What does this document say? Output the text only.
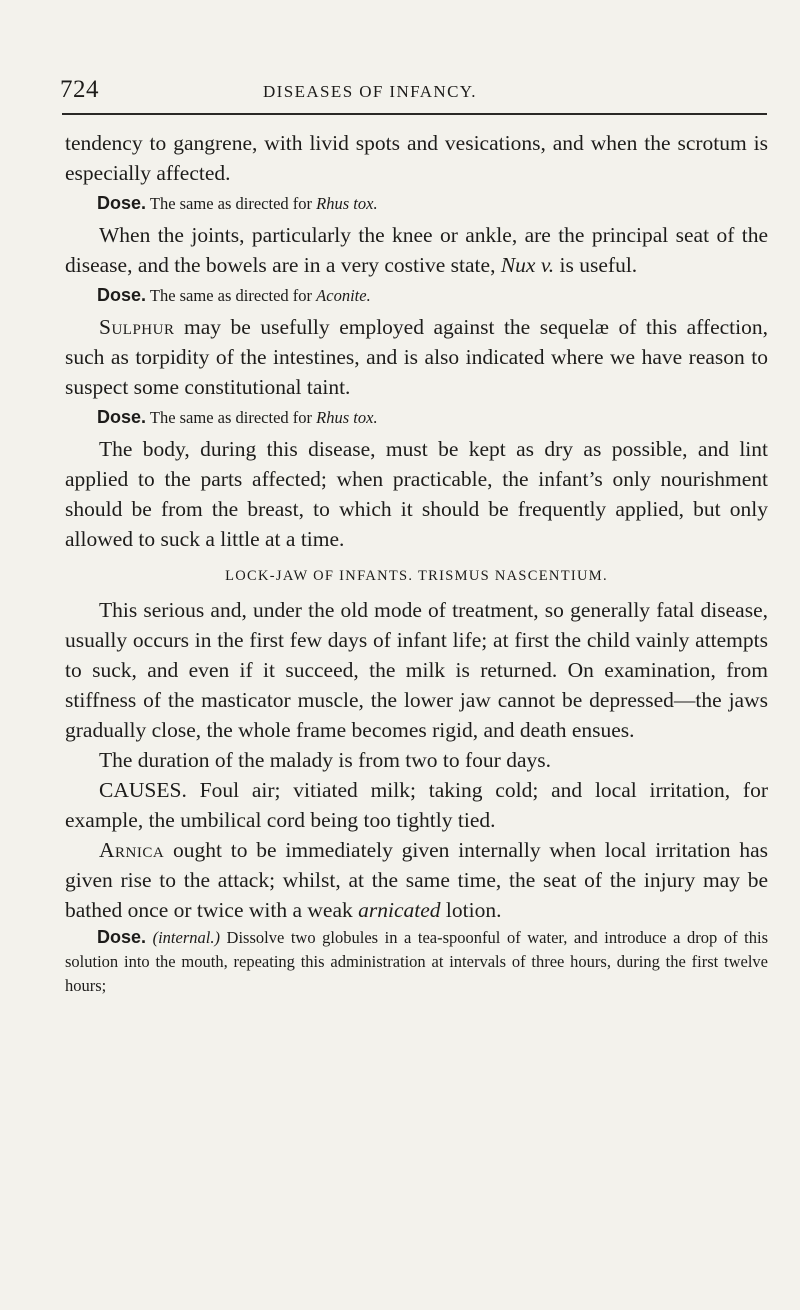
724	DISEASES OF INFANCY.

tendency to gangrene, with livid spots and vesications, and when the scrotum is especially affected.

Dose. The same as directed for Rhus tox.

When the joints, particularly the knee or ankle, are the principal seat of the disease, and the bowels are in a very costive state, Nux v. is useful.

Dose. The same as directed for Aconite.

Sulphur may be usefully employed against the sequelæ of this affection, such as torpidity of the intestines, and is also indicated where we have reason to suspect some constitutional taint.

Dose. The same as directed for Rhus tox.

The body, during this disease, must be kept as dry as possible, and lint applied to the parts affected; when practicable, the infant’s only nourishment should be from the breast, to which it should be frequently applied, but only allowed to suck a little at a time.

LOCK-JAW OF INFANTS. TRISMUS NASCENTIUM.

This serious and, under the old mode of treatment, so generally fatal disease, usually occurs in the first few days of infant life; at first the child vainly attempts to suck, and even if it succeed, the milk is returned. On examination, from stiffness of the masticator muscle, the lower jaw cannot be depressed—the jaws gradually close, the whole frame becomes rigid, and death ensues.

The duration of the malady is from two to four days.

CAUSES. Foul air; vitiated milk; taking cold; and local irritation, for example, the umbilical cord being too tightly tied.

Arnica ought to be immediately given internally when local irritation has given rise to the attack; whilst, at the same time, the seat of the injury may be bathed once or twice with a weak arnicated lotion.

Dose. (internal.) Dissolve two globules in a tea-spoonful of water, and introduce a drop of this solution into the mouth, repeating this administration at intervals of three hours, during the first twelve hours;
